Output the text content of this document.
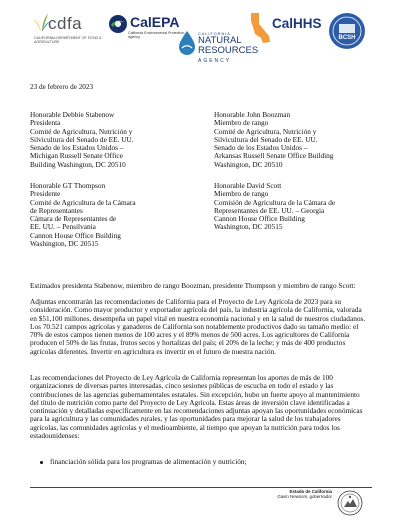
cdfa
CALIFORNIA DEPARTMENT OF FOOD & AGRICULTURE
CalEPA
California Environmental Protection Agency
CALIFORNIA
NATURAL
RESOURCES
AGENCY
CalHHS
BCSH
23 de febrero de 2023
Honorable Debbie Stabenow
Presidenta
Comité de Agricultura, Nutrición y
Silvicultura del Senado de EE. UU.
Senado de los Estados Unidos –
Michigan Russell Senate Office
Building Washington, DC 20510
Honorable John Boozman
Miembro de rango
Comité de Agricultura, Nutrición y
Silvicultura del Senado de EE. UU.
Senado de los Estados Unidos –
Arkansas Russell Senate Office Building
Washington, DC 20510
Honorable GT Thompson
Presidente
Comité de Agricultura de la Cámara
de Representantes
Cámara de Representantes de
EE. UU. – Pensilvania
Cannon House Office Building
Washington, DC 20515
Honorable David Scott
Miembro de rango
Comisión de Agricultura de la Cámara de
Representantes de EE. UU. – Georgia
Cannon House Office Building
Washington, DC 20515
Estimados presidenta Stabenow, miembro de rango Boozman, presidente Thompson y miembro de rango Scott:
Adjuntas encontrarán las recomendaciones de California para el Proyecto de Ley Agrícola de 2023 para su consideración. Como mayor productor y exportador agrícola del país, la industria agrícola de California, valorada en $51,100 millones, desempeña un papel vital en nuestra economía nacional y en la salud de nuestros ciudadanos. Los 70.521 campos agrícolas y ganaderos de California son notablemente productivos dado su tamaño medio: el 70% de estos campos tienen menos de 100 acres y el 89% menos de 500 acres. Los agricultores de California producen el 50% de las frutas, frutos secos y hortalizas del país; el 20% de la leche; y más de 400 productos agrícolas diferentes. Invertir en agricultura es invertir en el futuro de nuestra nación.
Las recomendaciones del Proyecto de Ley Agrícola de California representan los aportes de más de 100 organizaciones de diversas partes interesadas, cinco sesiones públicas de escucha en todo el estado y las contribuciones de las agencias gubernamentales estatales. Sin excepción, hubo un fuerte apoyo al mantenimiento del título de nutrición como parte del Proyecto de Ley Agrícola. Estas áreas de inversión clave identificadas a continuación y detalladas específicamente en las recomendaciones adjuntas apoyan las oportunidades económicas para la agricultura y las comunidades rurales, y las oportunidades para mejorar la salud de los trabajadores agrícolas, las comunidades agrícolas y el medioambiente, al tiempo que apoyan la nutrición para todos los estadounidenses:
financiación sólida para los programas de alimentación y nutrición;
Estado de California
Gavin Newsom, gobernador
